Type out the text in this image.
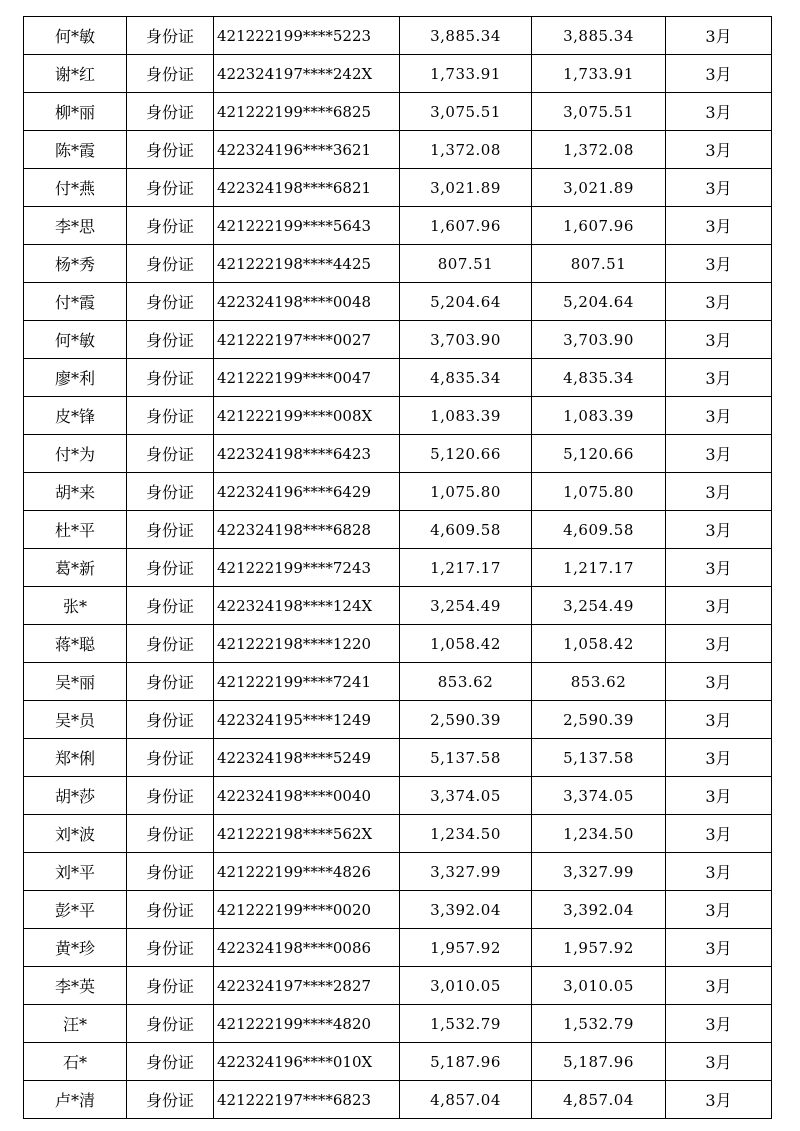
何*敏	身份证	421222199****5223	3,885.34	3,885.34	3月
谢*红	身份证	422324197****242X	1,733.91	1,733.91	3月
柳*丽	身份证	421222199****6825	3,075.51	3,075.51	3月
陈*霞	身份证	422324196****3621	1,372.08	1,372.08	3月
付*燕	身份证	422324198****6821	3,021.89	3,021.89	3月
李*思	身份证	421222199****5643	1,607.96	1,607.96	3月
杨*秀	身份证	421222198****4425	807.51	807.51	3月
付*霞	身份证	422324198****0048	5,204.64	5,204.64	3月
何*敏	身份证	421222197****0027	3,703.90	3,703.90	3月
廖*利	身份证	421222199****0047	4,835.34	4,835.34	3月
皮*锋	身份证	421222199****008X	1,083.39	1,083.39	3月
付*为	身份证	422324198****6423	5,120.66	5,120.66	3月
胡*来	身份证	422324196****6429	1,075.80	1,075.80	3月
杜*平	身份证	422324198****6828	4,609.58	4,609.58	3月
葛*新	身份证	421222199****7243	1,217.17	1,217.17	3月
张*	身份证	422324198****124X	3,254.49	3,254.49	3月
蒋*聪	身份证	421222198****1220	1,058.42	1,058.42	3月
吴*丽	身份证	421222199****7241	853.62	853.62	3月
吴*员	身份证	422324195****1249	2,590.39	2,590.39	3月
郑*俐	身份证	422324198****5249	5,137.58	5,137.58	3月
胡*莎	身份证	422324198****0040	3,374.05	3,374.05	3月
刘*波	身份证	421222198****562X	1,234.50	1,234.50	3月
刘*平	身份证	421222199****4826	3,327.99	3,327.99	3月
彭*平	身份证	421222199****0020	3,392.04	3,392.04	3月
黄*珍	身份证	422324198****0086	1,957.92	1,957.92	3月
李*英	身份证	422324197****2827	3,010.05	3,010.05	3月
汪*	身份证	421222199****4820	1,532.79	1,532.79	3月
石*	身份证	422324196****010X	5,187.96	5,187.96	3月
卢*清	身份证	421222197****6823	4,857.04	4,857.04	3月
